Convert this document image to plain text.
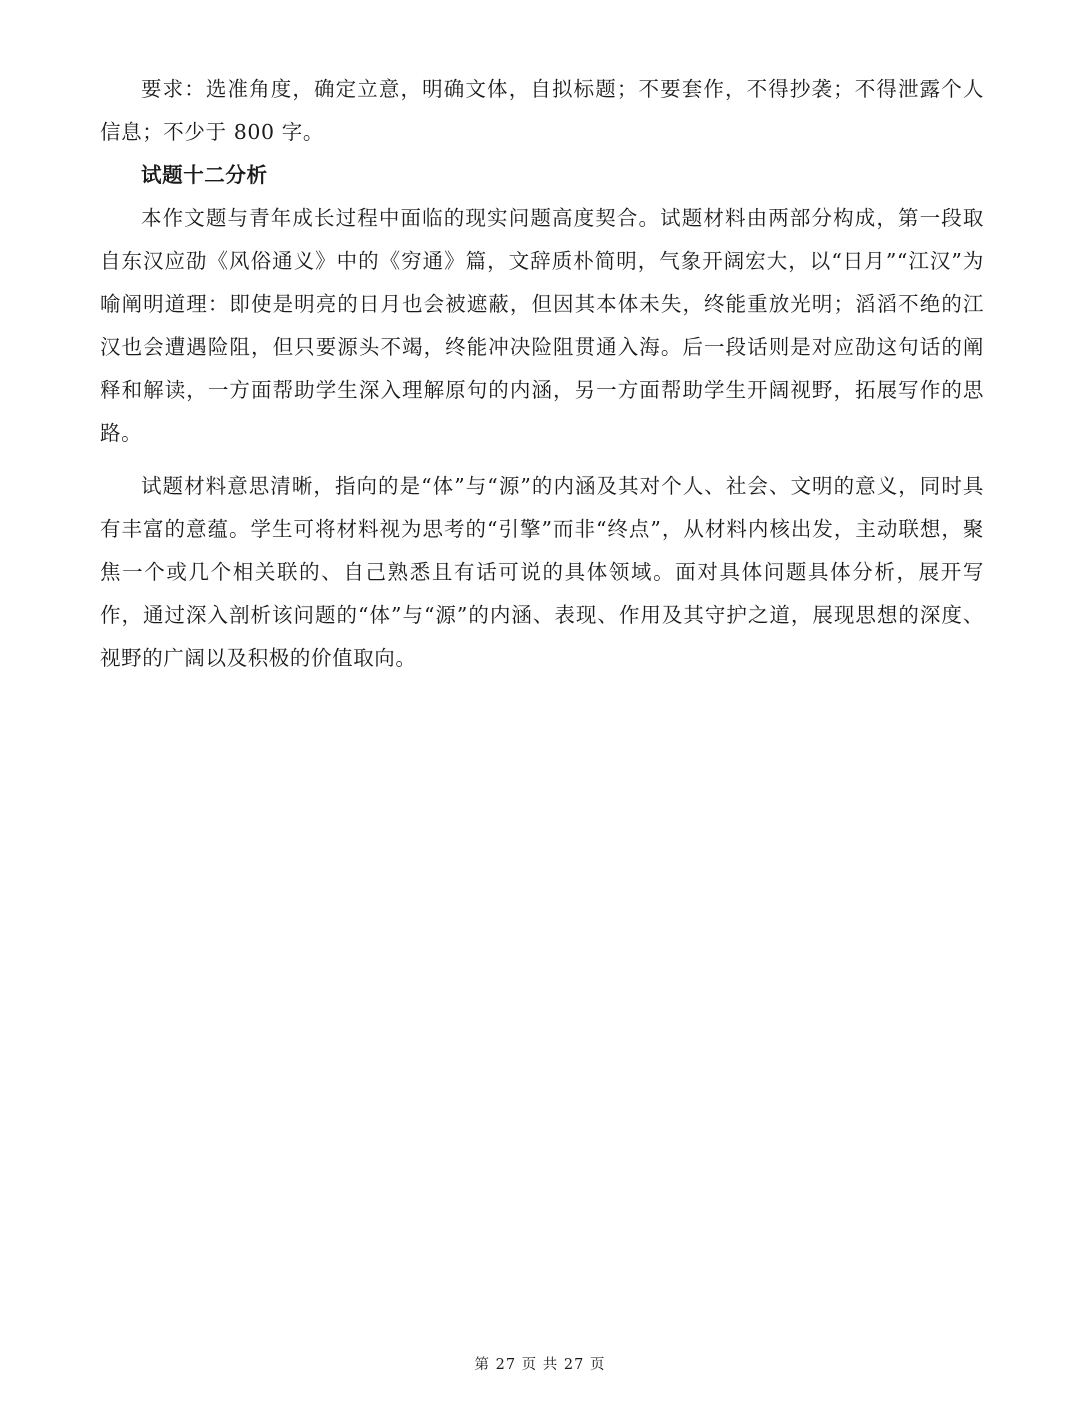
要求：选准角度，确定立意，明确文体，自拟标题；不要套作，不得抄袭；不得泄露个人信息；不少于 800 字。

试题十二分析

本作文题与青年成长过程中面临的现实问题高度契合。试题材料由两部分构成，第一段取自东汉应劭《风俗通义》中的《穷通》篇，文辞质朴简明，气象开阔宏大，以“日月”“江汉”为喻阐明道理：即使是明亮的日月也会被遮蔽，但因其本体未失，终能重放光明；滔滔不绝的江汉也会遭遇险阻，但只要源头不竭，终能冲决险阻贯通入海。后一段话则是对应劭这句话的阐释和解读，一方面帮助学生深入理解原句的内涵，另一方面帮助学生开阔视野，拓展写作的思路。

试题材料意思清晰，指向的是“体”与“源”的内涵及其对个人、社会、文明的意义，同时具有丰富的意蕴。学生可将材料视为思考的“引擎”而非“终点”，从材料内核出发，主动联想，聚焦一个或几个相关联的、自己熟悉且有话可说的具体领域。面对具体问题具体分析，展开写作，通过深入剖析该问题的“体”与“源”的内涵、表现、作用及其守护之道，展现思想的深度、视野的广阔以及积极的价值取向。

第 27 页 共 27 页
